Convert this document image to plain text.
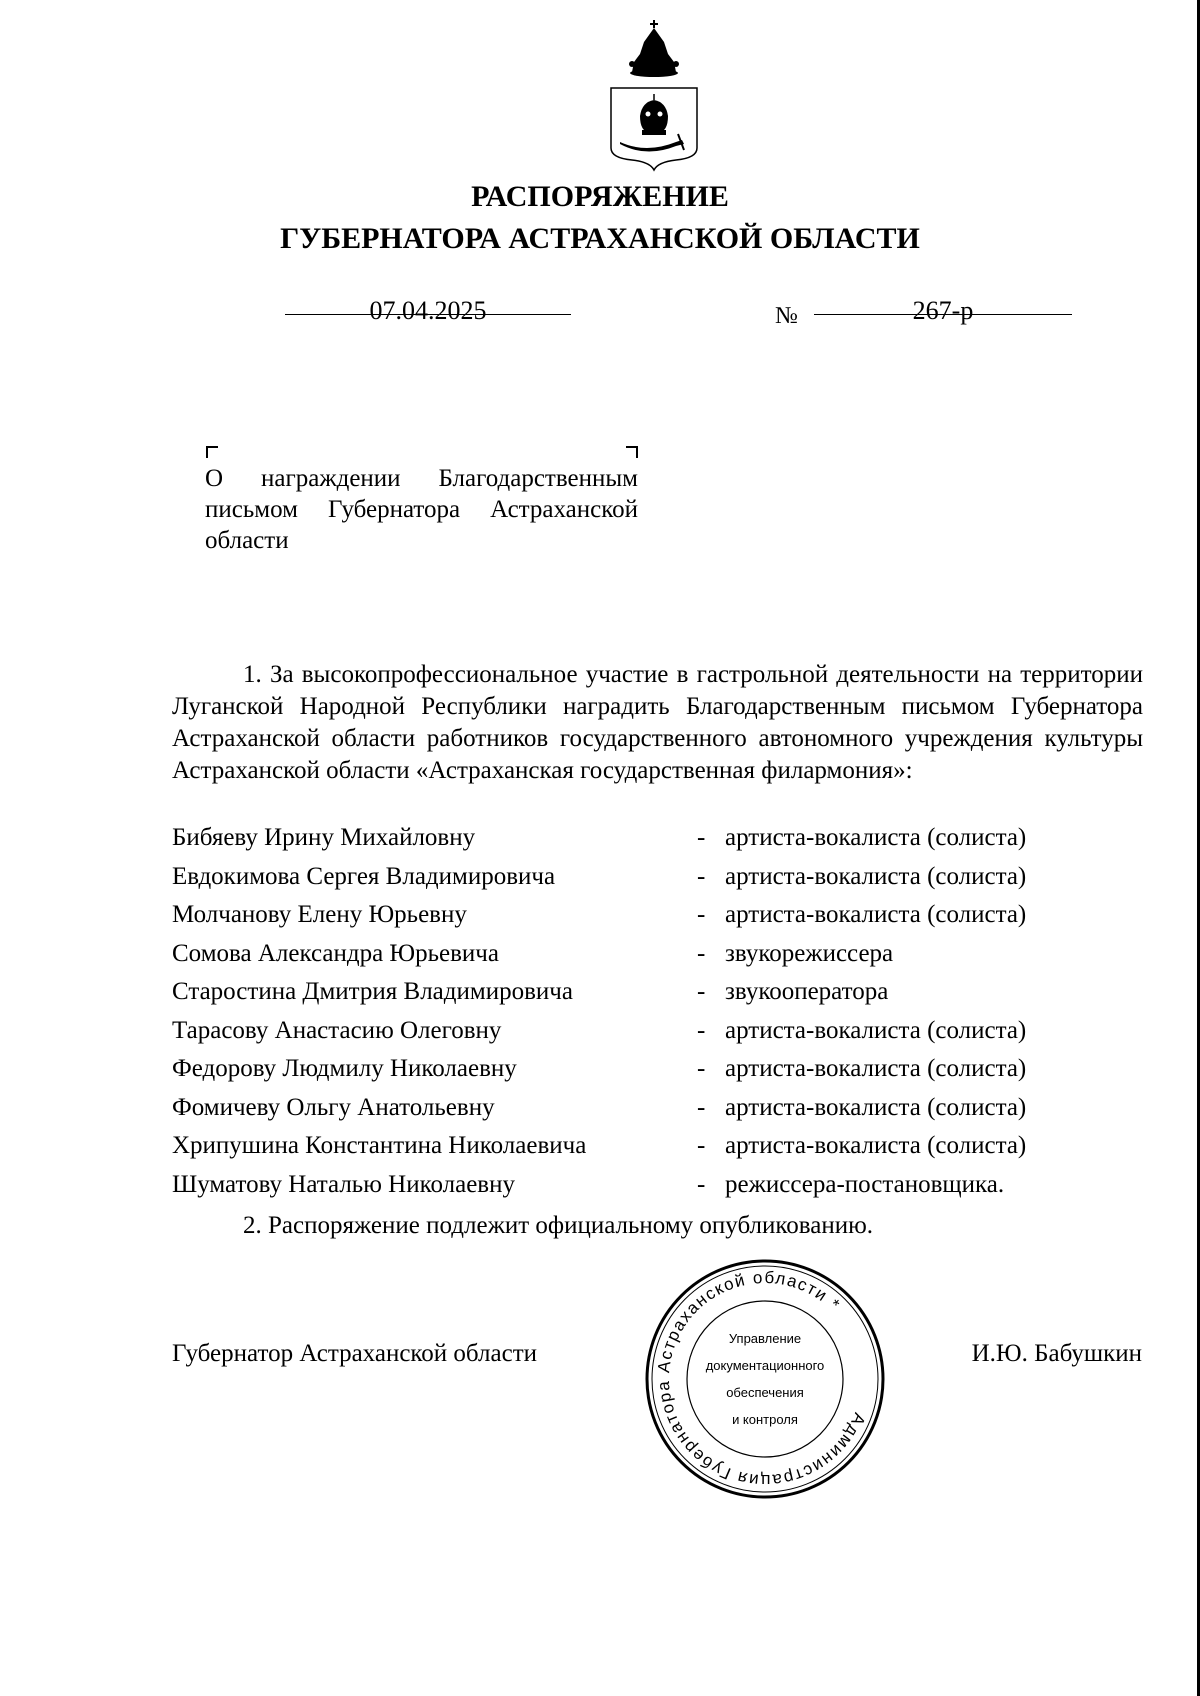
РАСПОРЯЖЕНИЕ
ГУБЕРНАТОРА АСТРАХАНСКОЙ ОБЛАСТИ
07.04.2025	№	267-р
О награждении Благодарственным письмом Губернатора Астраханской области
1. За высокопрофессиональное участие в гастрольной деятельности на территории Луганской Народной Республики наградить Благодарственным письмом Губернатора Астраханской области работников государственного автономного учреждения культуры Астраханской области «Астраханская государственная филармония»:
Бибяеву Ирину Михайловну	- артиста-вокалиста (солиста)
Евдокимова Сергея Владимировича	- артиста-вокалиста (солиста)
Молчанову Елену Юрьевну	- артиста-вокалиста (солиста)
Сомова Александра Юрьевича	- звукорежиссера
Старостина Дмитрия Владимировича	- звукооператора
Тарасову Анастасию Олеговну	- артиста-вокалиста (солиста)
Федорову Людмилу Николаевну	- артиста-вокалиста (солиста)
Фомичеву Ольгу Анатольевну	- артиста-вокалиста (солиста)
Хрипушина Константина Николаевича	- артиста-вокалиста (солиста)
Шуматову Наталью Николаевну	- режиссера-постановщика.
2. Распоряжение подлежит официальному опубликованию.
Губернатор Астраханской области	И.Ю. Бабушкин
Администрация Губернатора Астраханской области *
Управление
документационного
обеспечения
и контроля
